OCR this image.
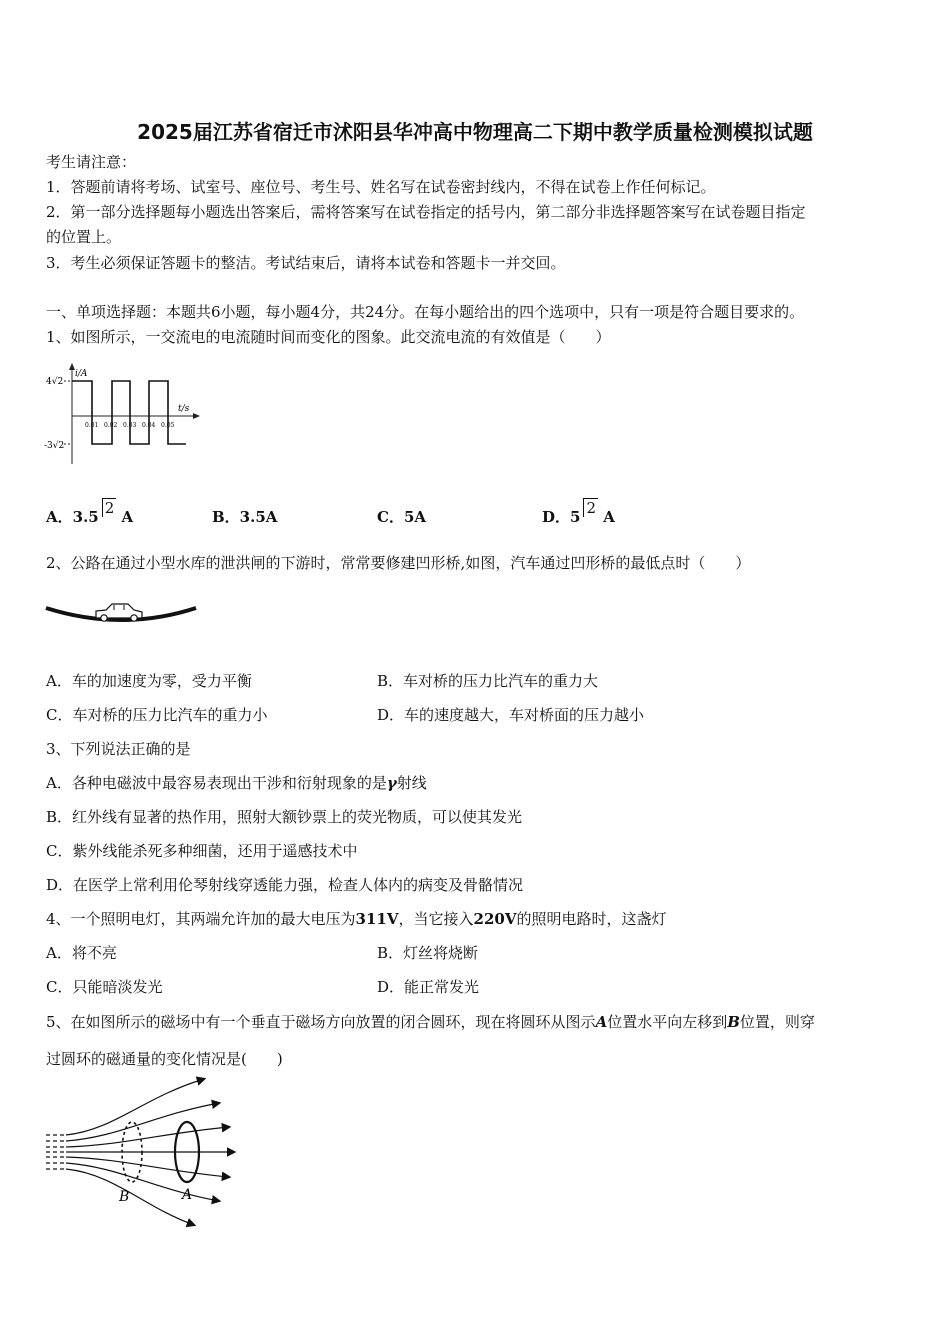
2025届江苏省宿迁市沭阳县华冲高中物理高二下期中教学质量检测模拟试题
考生请注意：
1．答题前请将考场、试室号、座位号、考生号、姓名写在试卷密封线内，不得在试卷上作任何标记。
2．第一部分选择题每小题选出答案后，需将答案写在试卷指定的括号内，第二部分非选择题答案写在试卷题目指定
的位置上。
3．考生必须保证答题卡的整洁。考试结束后，请将本试卷和答题卡一并交回。
一、单项选择题：本题共6小题，每小题4分，共24分。在每小题给出的四个选项中，只有一项是符合题目要求的。
1、如图所示，一交流电的电流随时间而变化的图象。此交流电流的有效值是（　　）
i/A
t/s
4√2
-3√2
0.01 0.02 0.03 0.04 0.05
A．3.5 2 A	B．3.5A	C．5A	D．5 2 A
2、公路在通过小型水库的泄洪闸的下游时，常常要修建凹形桥,如图，汽车通过凹形桥的最低点时（　　）
A．车的加速度为零，受力平衡	B．车对桥的压力比汽车的重力大
C．车对桥的压力比汽车的重力小	D．车的速度越大，车对桥面的压力越小
3、下列说法正确的是
A．各种电磁波中最容易表现出干涉和衍射现象的是γ射线
B．红外线有显著的热作用，照射大额钞票上的荧光物质，可以使其发光
C．紫外线能杀死多种细菌，还用于遥感技术中
D．在医学上常利用伦琴射线穿透能力强，检查人体内的病变及骨骼情况
4、一个照明电灯，其两端允许加的最大电压为311V，当它接入220V的照明电路时，这盏灯
A．将不亮	B．灯丝将烧断
C．只能暗淡发光	D．能正常发光
5、在如图所示的磁场中有一个垂直于磁场方向放置的闭合圆环，现在将圆环从图示A位置水平向左移到B位置，则穿
过圆环的磁通量的变化情况是(　　)
B	A
